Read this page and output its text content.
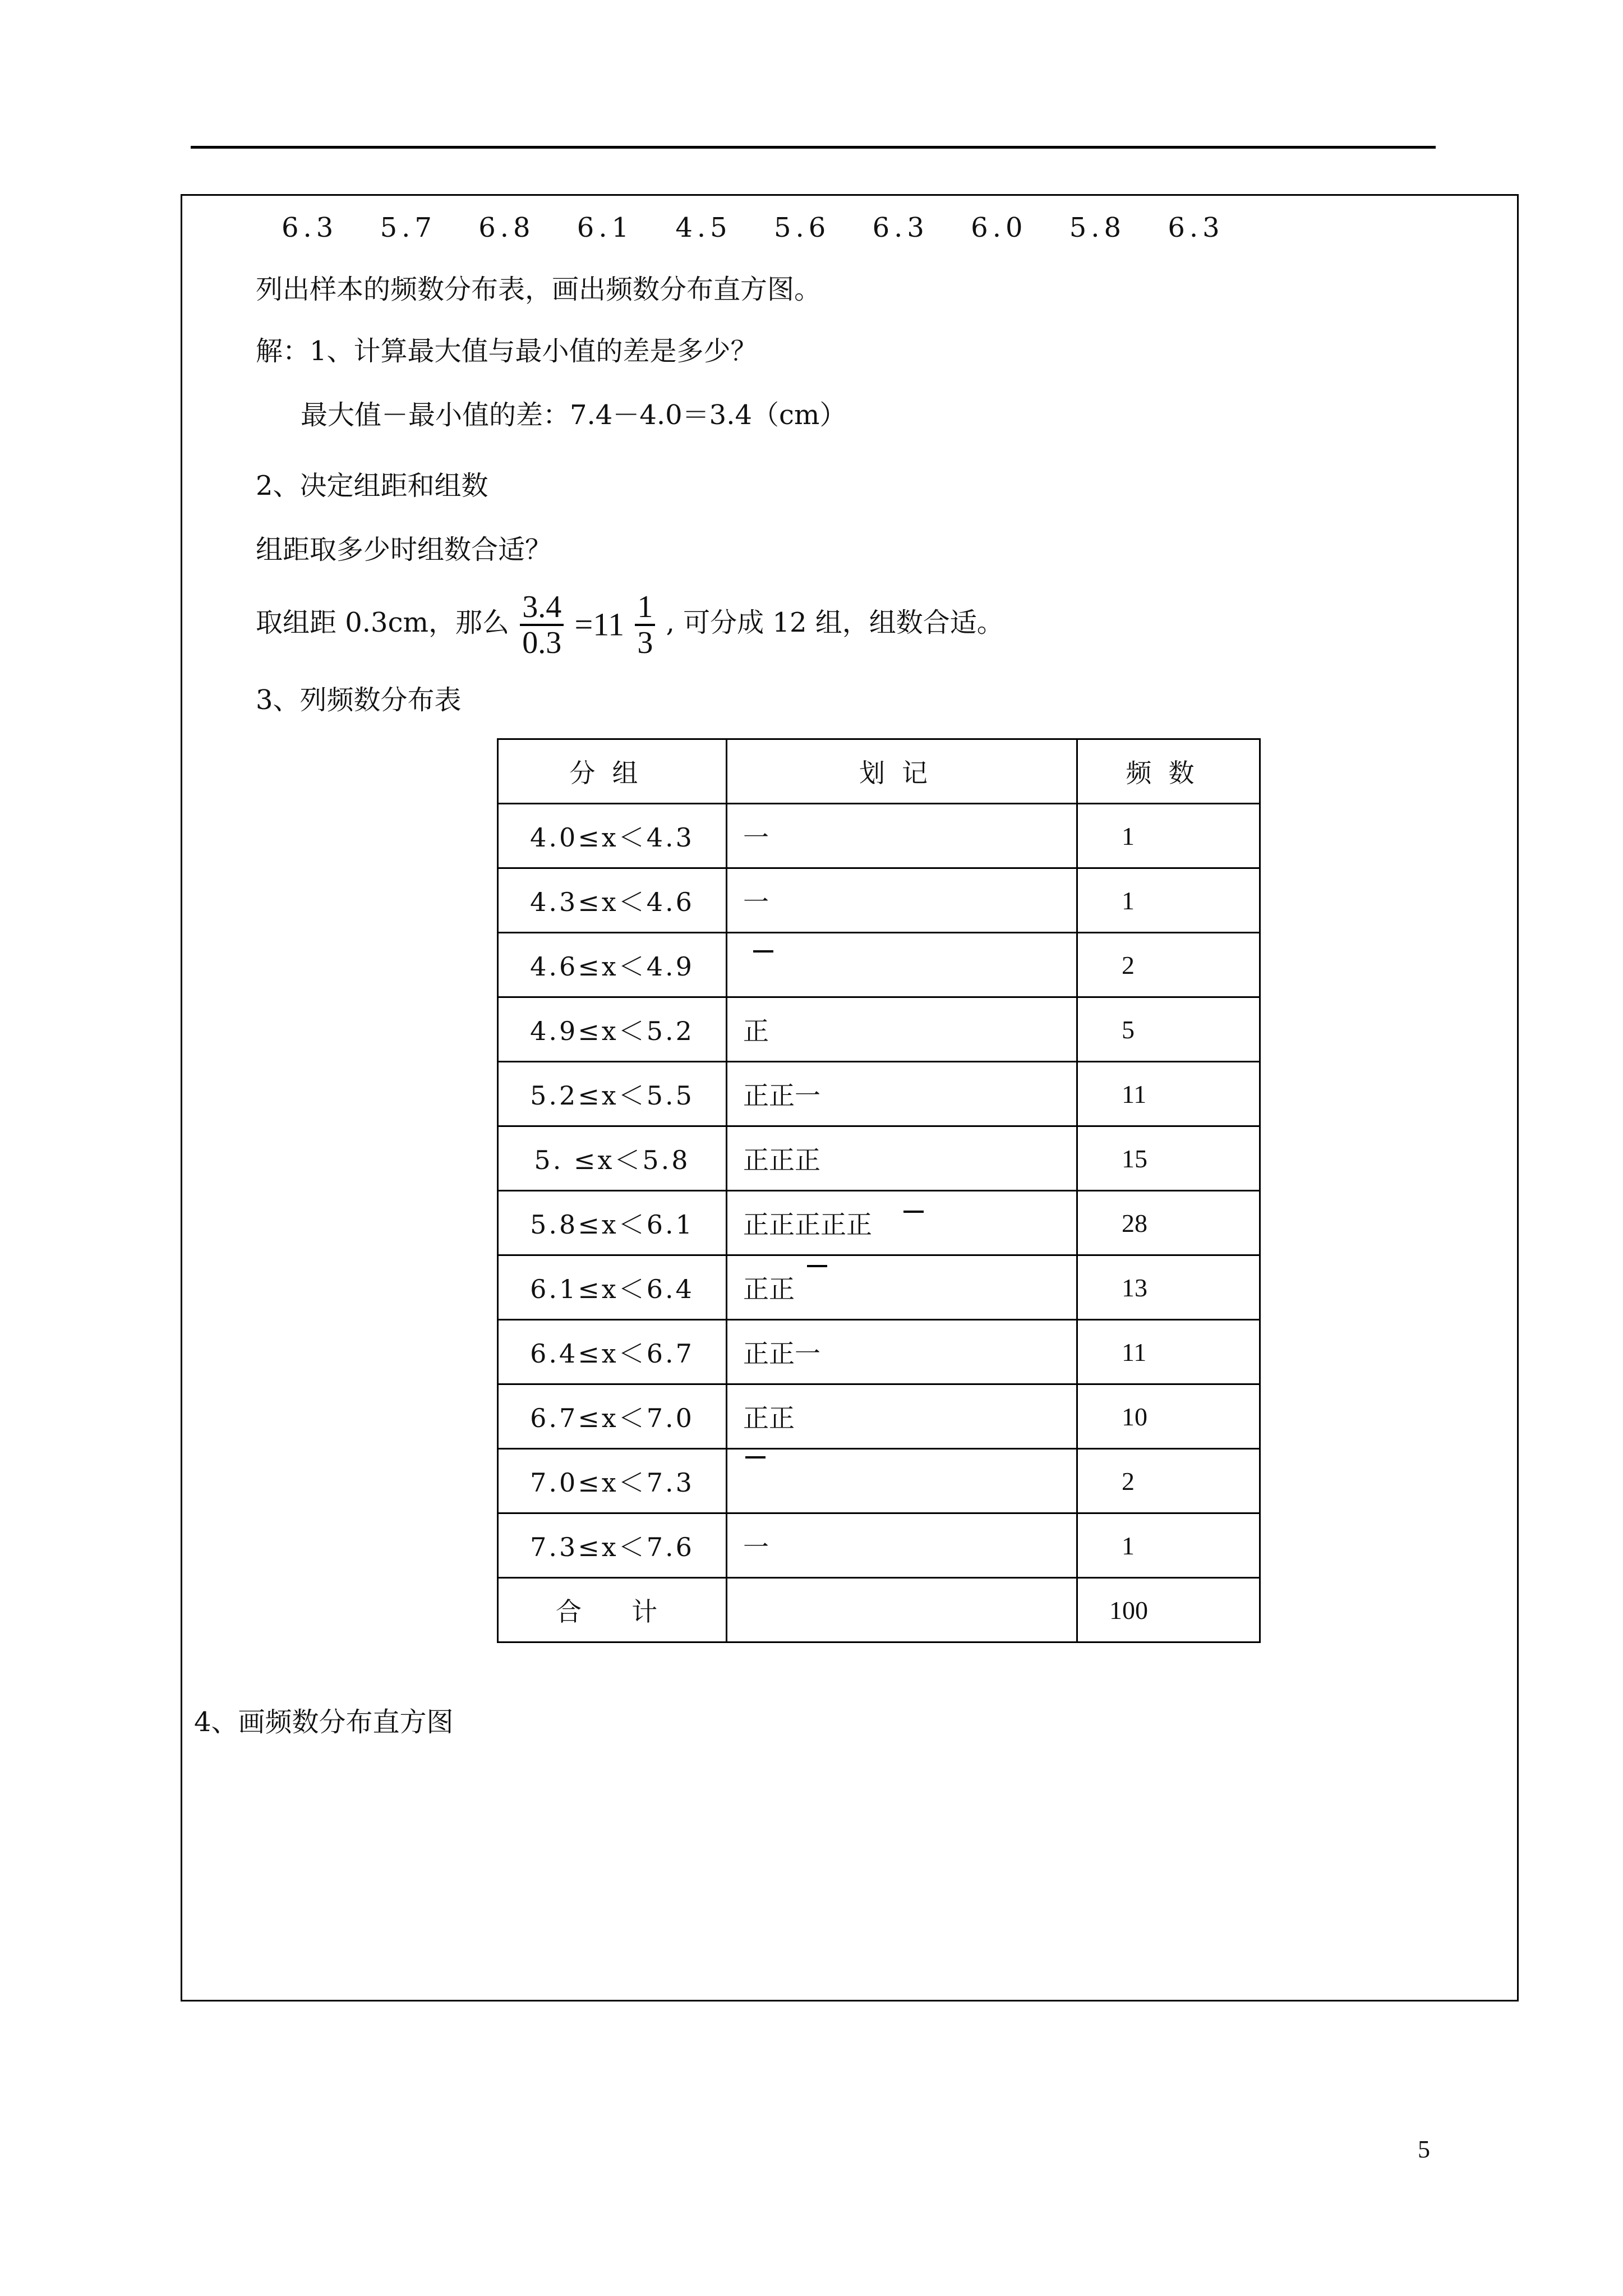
6.3 5.7 6.8 6.1 4.5 5.6 6.3 6.0 5.8 6.3
列出样本的频数分布表，画出频数分布直方图。
解：1、计算最大值与最小值的差是多少？
最大值－最小值的差：7.4－4.0＝3.4（cm）
2、决定组距和组数
组距取多少时组数合适？
取组距 0.3cm，那么 $\frac{3.4}{0.3} =11 \frac{1}{3}$ , 可分成 12 组，组数合适。
3、列频数分布表
分组	划记	频数
4.0≤x＜4.3	一	1
4.3≤x＜4.6	一	1
4.6≤x＜4.9		2
4.9≤x＜5.2	正	5
5.2≤x＜5.5	正正一	11
5. ≤x＜5.8	正正正	15
5.8≤x＜6.1	正正正正正	28
6.1≤x＜6.4	正正	13
6.4≤x＜6.7	正正一	11
6.7≤x＜7.0	正正	10
7.0≤x＜7.3		2
7.3≤x＜7.6	一	1
合  计		100
4、画频数分布直方图
5
